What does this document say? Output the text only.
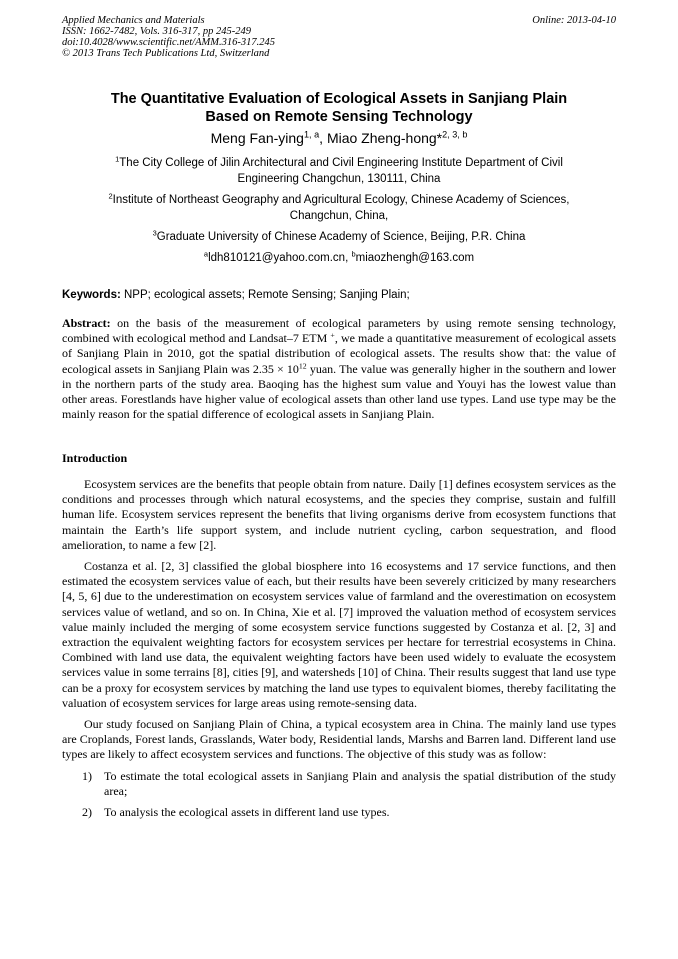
Applied Mechanics and Materials
ISSN: 1662-7482, Vols. 316-317, pp 245-249
doi:10.4028/www.scientific.net/AMM.316-317.245
© 2013 Trans Tech Publications Ltd, Switzerland
Online: 2013-04-10
The Quantitative Evaluation of Ecological Assets in Sanjiang Plain
Based on Remote Sensing Technology
Meng Fan-ying$^{1, a}$, Miao Zheng-hong*$^{2, 3, b}$
$^1$The City College of Jilin Architectural and Civil Engineering Institute Department of Civil
Engineering Changchun, 130111, China
$^2$Institute of Northeast Geography and Agricultural Ecology, Chinese Academy of Sciences,
Changchun, China,
$^3$Graduate University of Chinese Academy of Science, Beijing, P.R. China
$^a$ldh810121@yahoo.com.cn, $^b$miaozhengh@163.com
Keywords: NPP; ecological assets; Remote Sensing; Sanjing Plain;
Abstract: on the basis of the measurement of ecological parameters by using remote sensing technology, combined with ecological method and Landsat–7 ETM +, we made a quantitative measurement of ecological assets of Sanjiang Plain in 2010, got the spatial distribution of ecological assets. The results show that: the value of ecological assets in Sanjiang Plain was $2.35 \times 10^{12}$ yuan. The value was generally higher in the southern and lower in the northern parts of the study area. Baoqing has the highest sum value and Youyi has the lowest value than other areas. Forestlands have higher value of ecological assets than other land use types. Land use type may be the mainly reason for the spatial difference of ecological assets in Sanjiang Plain.
Introduction

Ecosystem services are the benefits that people obtain from nature. Daily [1] defines ecosystem services as the conditions and processes through which natural ecosystems, and the species they comprise, sustain and fulfill human life. Ecosystem services represent the benefits that living organisms derive from ecosystem functions that maintain the Earth’s life support system, and include nutrient cycling, carbon sequestration, and flood amelioration, to name a few [2].

Costanza et al. [2, 3] classified the global biosphere into 16 ecosystems and 17 service functions, and then estimated the ecosystem services value of each, but their results have been severely criticized by many researchers [4, 5, 6] due to the underestimation on ecosystem services value of farmland and the overestimation on ecosystem services value of wetland, and so on. In China, Xie et al. [7] improved the valuation method of ecosystem services value mainly included the merging of some ecosystem service functions suggested by Costanza et al. [2, 3] and extraction the equivalent weighting factors for ecosystem services per hectare for terrestrial ecosystems in China. Combined with land use data, the equivalent weighting factors have been used widely to evaluate the ecosystem services value in some terrains [8], cities [9], and watersheds [10] of China. Their results suggest that land use type can be a proxy for ecosystem services by matching the land use types to equivalent biomes, thereby facilitating the valuation of ecosystem services for large areas using remote-sensing data.

Our study focused on Sanjiang Plain of China, a typical ecosystem area in China. The mainly land use types are Croplands, Forest lands, Grasslands, Water body, Residential lands, Marshs and Barren land. Different land use types are likely to affect ecosystem services and functions. The objective of this study was as follow:

1) To estimate the total ecological assets in Sanjiang Plain and analysis the spatial distribution of the study area;
2) To analysis the ecological assets in different land use types.
